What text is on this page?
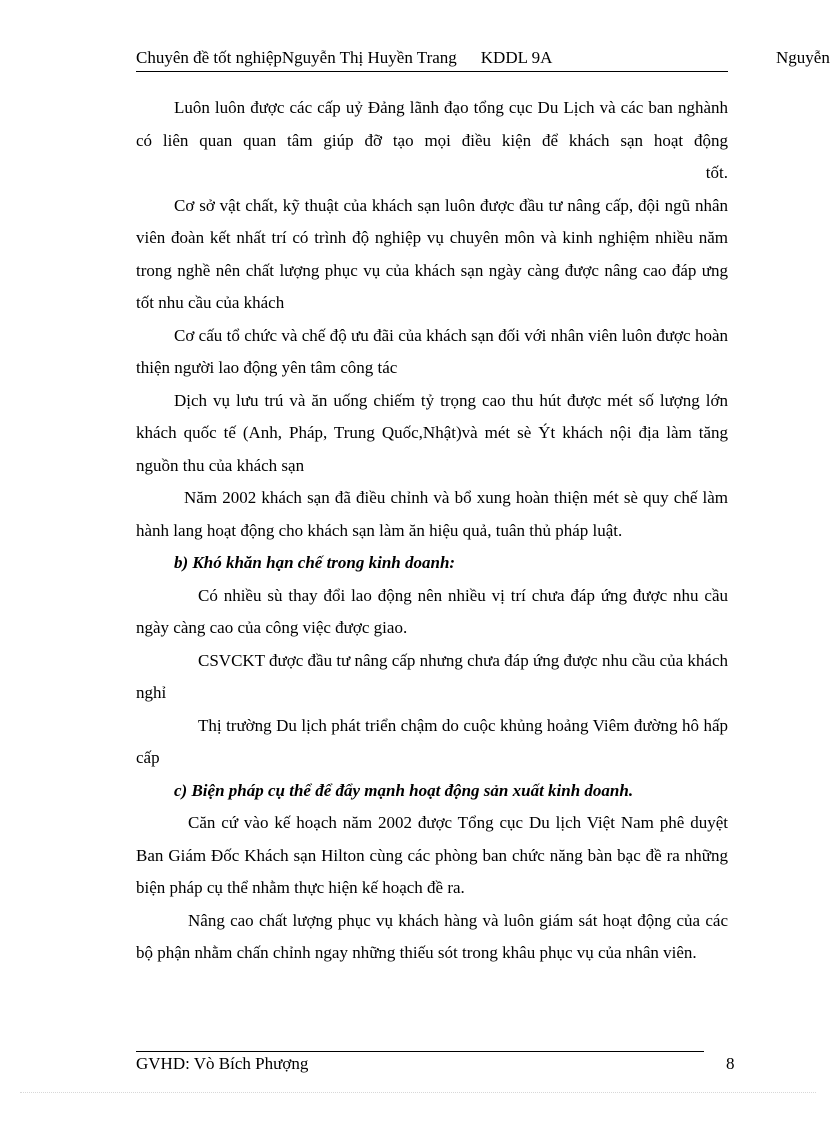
Chuyên đề tốt nghiệpNguyễn Thị Huyền Trang KDDL 9A	Nguyễn

Luôn luôn được các cấp uỷ Đảng lãnh đạo tổng cục Du Lịch và các ban nghành có liên quan quan tâm giúp đỡ tạo mọi điều kiện để khách sạn hoạt động

tốt.

Cơ sở vật chất, kỹ thuật của khách sạn luôn được đầu tư nâng cấp, đội ngũ nhân viên đoàn kết nhất trí có trình độ nghiệp vụ chuyên môn và kinh nghiệm nhiều năm trong nghề nên chất lượng phục vụ của khách sạn ngày càng được nâng cao đáp ưng tốt nhu cầu của khách

Cơ cấu tổ chức và chế độ ưu đãi của khách sạn đối với nhân viên luôn được hoàn thiện người lao động yên tâm công tác

Dịch vụ lưu trú và ăn uống chiếm tỷ trọng cao thu hút được mét số lượng lớn khách quốc tế (Anh, Pháp, Trung Quốc,Nhật)và mét sè Ýt khách nội địa làm tăng nguồn thu của khách sạn

Năm 2002 khách sạn đã điều chỉnh và bổ xung hoàn thiện mét sè quy chế làm hành lang hoạt động cho khách sạn làm ăn hiệu quả, tuân thủ pháp luật.

b) Khó khăn hạn chế trong kinh doanh:

Có nhiều sù thay đổi lao động nên nhiều vị trí chưa đáp ứng được nhu cầu ngày càng cao của công việc được giao.

CSVCKT được đầu tư nâng cấp nhưng chưa đáp ứng được nhu cầu của khách nghỉ

Thị trường Du lịch phát triển chậm do cuộc khủng hoảng Viêm đường hô hấp cấp

c) Biện pháp cụ thể để đẩy mạnh hoạt động sản xuất kinh doanh.

Căn cứ vào kế hoạch năm 2002 được Tổng cục Du lịch Việt Nam phê duyệt Ban Giám Đốc Khách sạn Hilton cùng các phòng ban chức năng bàn bạc đề ra những biện pháp cụ thể nhằm thực hiện kế hoạch đề ra.

Nâng cao chất lượng phục vụ khách hàng và luôn giám sát hoạt động của các bộ phận nhằm chấn chỉnh ngay những thiếu sót trong khâu phục vụ của nhân viên.

GVHD: Vò Bích Phượng	8
